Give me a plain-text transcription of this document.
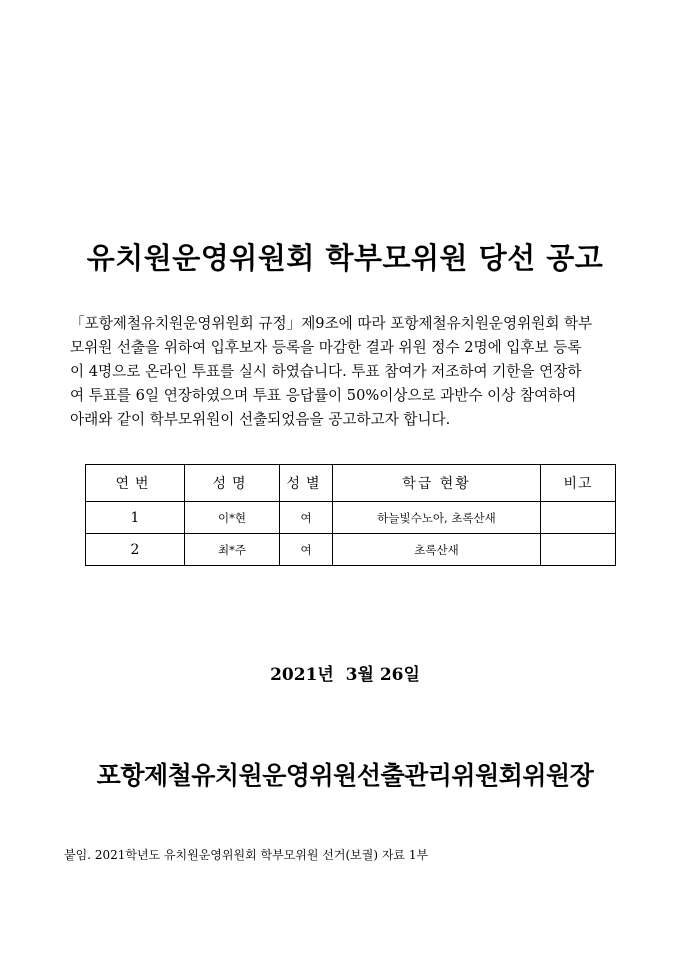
유치원운영위원회 학부모위원 당선 공고

「포항제철유치원운영위원회 규정」제9조에 따라 포항제철유치원운영위원회 학부
모위원 선출을 위하여 입후보자 등록을 마감한 결과 위원 정수 2명에 입후보 등록
이 4명으로 온라인 투표를 실시 하였습니다. 투표 참여가 저조하여 기한을 연장하
여 투표를 6일 연장하였으며 투표 응답률이 50%이상으로 과반수 이상 참여하여
아래와 같이 학부모위원이 선출되었음을 공고하고자 합니다.

연번	성명	성별	학급 현황	비고
1	이*현	여	하늘빛수노아, 초록산새	
2	최*주	여	초록산새	
2021년  3월 26일
포항제철유치원운영위원선출관리위원회위원장
붙임. 2021학년도 유치원운영위원회 학부모위원 선거(보궐) 자료 1부
